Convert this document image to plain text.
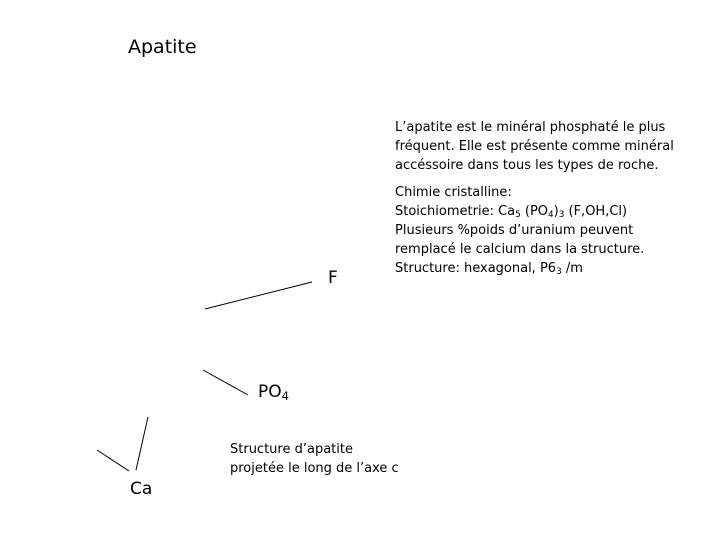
Apatite
L’apatite est le minéral phosphaté le plus
fréquent. Elle est présente comme minéral
accéssoire dans tous les types de roche.
Chimie cristalline:
Stoichiometrie: $Ca_5$ $(PO_4)_3$ (F,OH,Cl)
Plusieurs %poids d’uranium peuvent
remplacé le calcium dans la structure.
Structure: hexagonal, $P6_3$ /m
F
$PO_4$
Ca
Structure d’apatite
projetée le long de l’axe c
